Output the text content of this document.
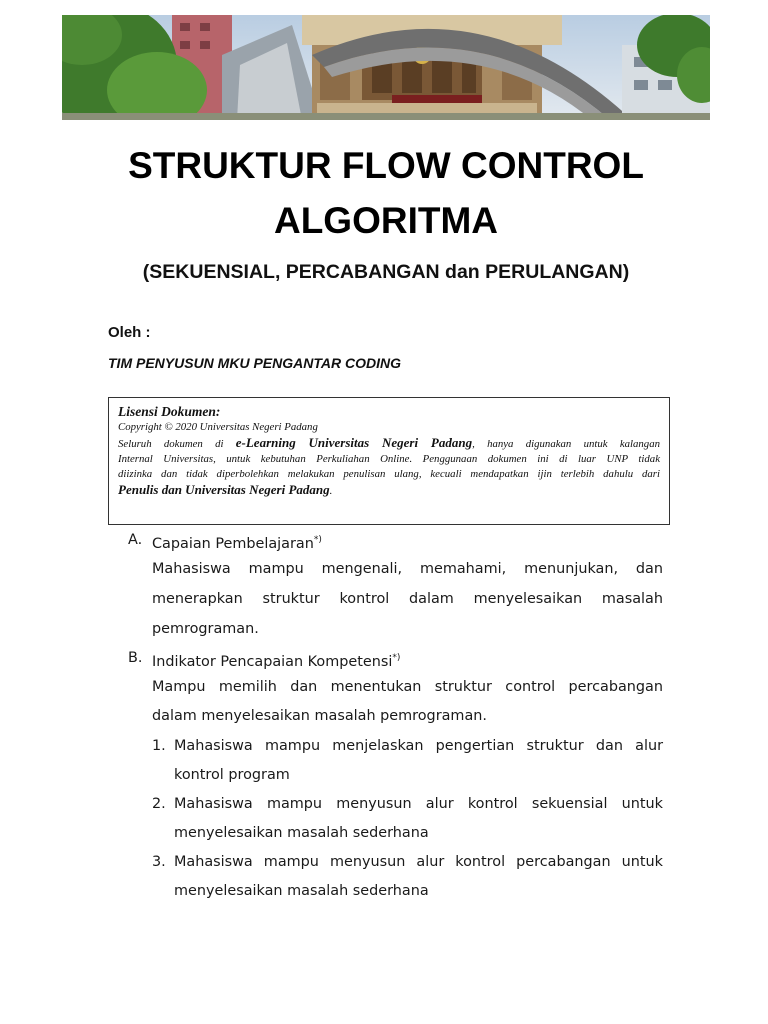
STRUKTUR FLOW CONTROL
ALGORITMA
(SEKUENSIAL, PERCABANGAN dan PERULANGAN)
Oleh :
TIM PENYUSUN MKU PENGANTAR CODING
Lisensi Dokumen:
Copyright © 2020 Universitas Negeri Padang
Seluruh dokumen di e-Learning Universitas Negeri Padang, hanya digunakan untuk kalangan
Internal Universitas, untuk kebutuhan Perkuliahan Online. Penggunaan dokumen ini di luar UNP tidak
diizinka dan tidak diperbolehkan melakukan penulisan ulang, kecuali mendapatkan ijin terlebih dahulu dari
Penulis dan Universitas Negeri Padang.
A. Capaian Pembelajaran*)
Mahasiswa mampu mengenali, memahami, menunjukan, dan
menerapkan struktur kontrol dalam menyelesaikan masalah
pemrograman.
B. Indikator Pencapaian Kompetensi*)
Mampu memilih dan menentukan struktur control percabangan
dalam menyelesaikan masalah pemrograman.
1. Mahasiswa mampu menjelaskan pengertian struktur dan alur
kontrol program
2. Mahasiswa mampu menyusun alur kontrol sekuensial untuk
menyelesaikan masalah sederhana
3. Mahasiswa mampu menyusun alur kontrol percabangan untuk
menyelesaikan masalah sederhana
